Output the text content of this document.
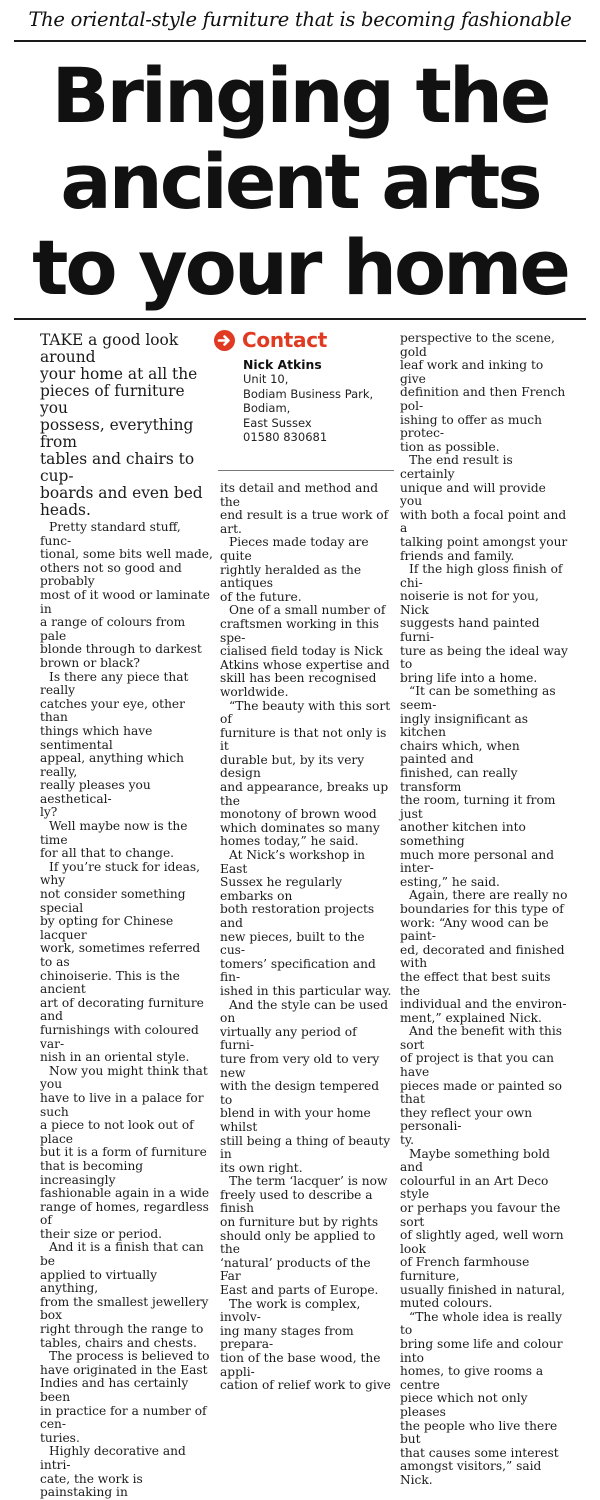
The oriental-style furniture that is becoming fashionable
Bringing the
ancient arts
to your home

TAKE a good look around
your home at all the
pieces of furniture you
possess, everything from
tables and chairs to cup-
boards and even bed
heads.

Pretty standard stuff, func-
tional, some bits well made,
others not so good and probably
most of it wood or laminate in
a range of colours from pale
blonde through to darkest
brown or black?

Is there any piece that really
catches your eye, other than
things which have sentimental
appeal, anything which really,
really pleases you aesthetical-
ly?

Well maybe now is the time
for all that to change.

If you’re stuck for ideas, why
not consider something special
by opting for Chinese lacquer
work, sometimes referred to as
chinoiserie. This is the ancient
art of decorating furniture and
furnishings with coloured var-
nish in an oriental style.

Now you might think that you
have to live in a palace for such
a piece to not look out of place
but it is a form of furniture
that is becoming increasingly
fashionable again in a wide
range of homes, regardless of
their size or period.

And it is a finish that can be
applied to virtually anything,
from the smallest jewellery box
right through the range to
tables, chairs and chests.

The process is believed to
have originated in the East
Indies and has certainly been
in practice for a number of cen-
turies.

Highly decorative and intri-
cate, the work is painstaking in

Contact
Nick Atkins
Unit 10,
Bodiam Business Park,
Bodiam,
East Sussex
01580 830681

its detail and method and the
end result is a true work of art.

Pieces made today are quite
rightly heralded as the antiques
of the future.

One of a small number of
craftsmen working in this spe-
cialised field today is Nick
Atkins whose expertise and
skill has been recognised
worldwide.

“The beauty with this sort of
furniture is that not only is it
durable but, by its very design
and appearance, breaks up the
monotony of brown wood
which dominates so many
homes today,” he said.

At Nick’s workshop in East
Sussex he regularly embarks on
both restoration projects and
new pieces, built to the cus-
tomers’ specification and fin-
ished in this particular way.

And the style can be used on
virtually any period of furni-
ture from very old to very new
with the design tempered to
blend in with your home whilst
still being a thing of beauty in
its own right.

The term ‘lacquer’ is now
freely used to describe a finish
on furniture but by rights
should only be applied to the
‘natural’ products of the Far
East and parts of Europe.

The work is complex, involv-
ing many stages from prepara-
tion of the base wood, the appli-
cation of relief work to give

perspective to the scene, gold
leaf work and inking to give
definition and then French pol-
ishing to offer as much protec-
tion as possible.

The end result is certainly
unique and will provide you
with both a focal point and a
talking point amongst your
friends and family.

If the high gloss finish of chi-
noiserie is not for you, Nick
suggests hand painted furni-
ture as being the ideal way to
bring life into a home.

“It can be something as seem-
ingly insignificant as kitchen
chairs which, when painted and
finished, can really transform
the room, turning it from just
another kitchen into something
much more personal and inter-
esting,” he said.

Again, there are really no
boundaries for this type of
work: “Any wood can be paint-
ed, decorated and finished with
the effect that best suits the
individual and the environ-
ment,” explained Nick.

And the benefit with this sort
of project is that you can have
pieces made or painted so that
they reflect your own personali-
ty.

Maybe something bold and
colourful in an Art Deco style
or perhaps you favour the sort
of slightly aged, well worn look
of French farmhouse furniture,
usually finished in natural,
muted colours.

“The whole idea is really to
bring some life and colour into
homes, to give rooms a centre
piece which not only pleases
the people who live there but
that causes some interest
amongst visitors,” said Nick.
